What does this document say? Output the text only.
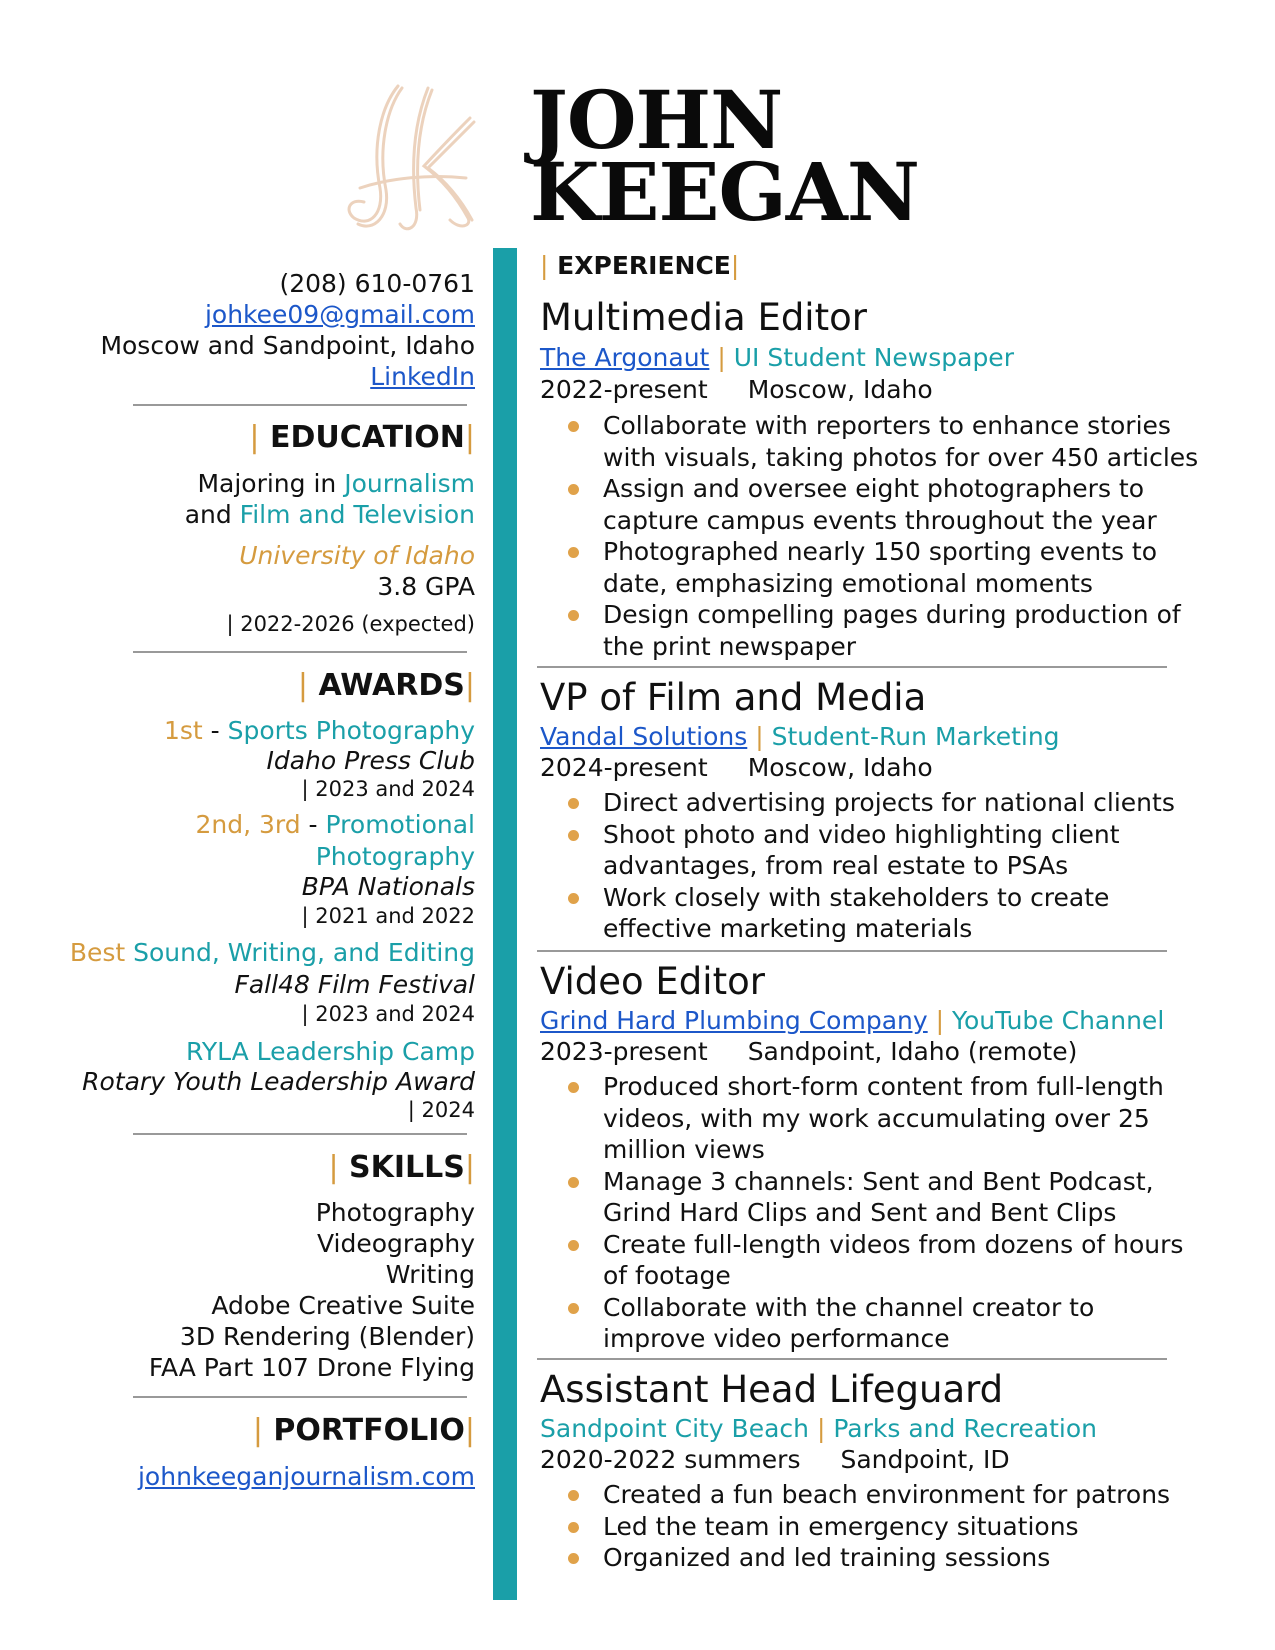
JOHN
KEEGAN
(208) 610-0761
johkee09@gmail.com
Moscow and Sandpoint, Idaho
LinkedIn
| EDUCATION|
Majoring in Journalism
and Film and Television
University of Idaho
3.8 GPA
| 2022-2026 (expected)
| AWARDS|
1st - Sports Photography
Idaho Press Club
| 2023 and 2024
2nd, 3rd - Promotional
Photography
BPA Nationals
| 2021 and 2022
Best Sound, Writing, and Editing
Fall48 Film Festival
| 2023 and 2024
RYLA Leadership Camp
Rotary Youth Leadership Award
| 2024
| SKILLS|
Photography
Videography
Writing
Adobe Creative Suite
3D Rendering (Blender)
FAA Part 107 Drone Flying
| PORTFOLIO|
johnkeeganjournalism.com
| EXPERIENCE|
Multimedia Editor
The Argonaut | UI Student Newspaper
2022-present Moscow, Idaho
Collaborate with reporters to enhance stories
with visuals, taking photos for over 450 articles
Assign and oversee eight photographers to
capture campus events throughout the year
Photographed nearly 150 sporting events to
date, emphasizing emotional moments
Design compelling pages during production of
the print newspaper
VP of Film and Media
Vandal Solutions | Student-Run Marketing
2024-present Moscow, Idaho
Direct advertising projects for national clients
Shoot photo and video highlighting client
advantages, from real estate to PSAs
Work closely with stakeholders to create
effective marketing materials
Video Editor
Grind Hard Plumbing Company | YouTube Channel
2023-present Sandpoint, Idaho (remote)
Produced short-form content from full-length
videos, with my work accumulating over 25
million views
Manage 3 channels: Sent and Bent Podcast,
Grind Hard Clips and Sent and Bent Clips
Create full-length videos from dozens of hours
of footage
Collaborate with the channel creator to
improve video performance
Assistant Head Lifeguard
Sandpoint City Beach | Parks and Recreation
2020-2022 summers Sandpoint, ID
Created a fun beach environment for patrons
Led the team in emergency situations
Organized and led training sessions
